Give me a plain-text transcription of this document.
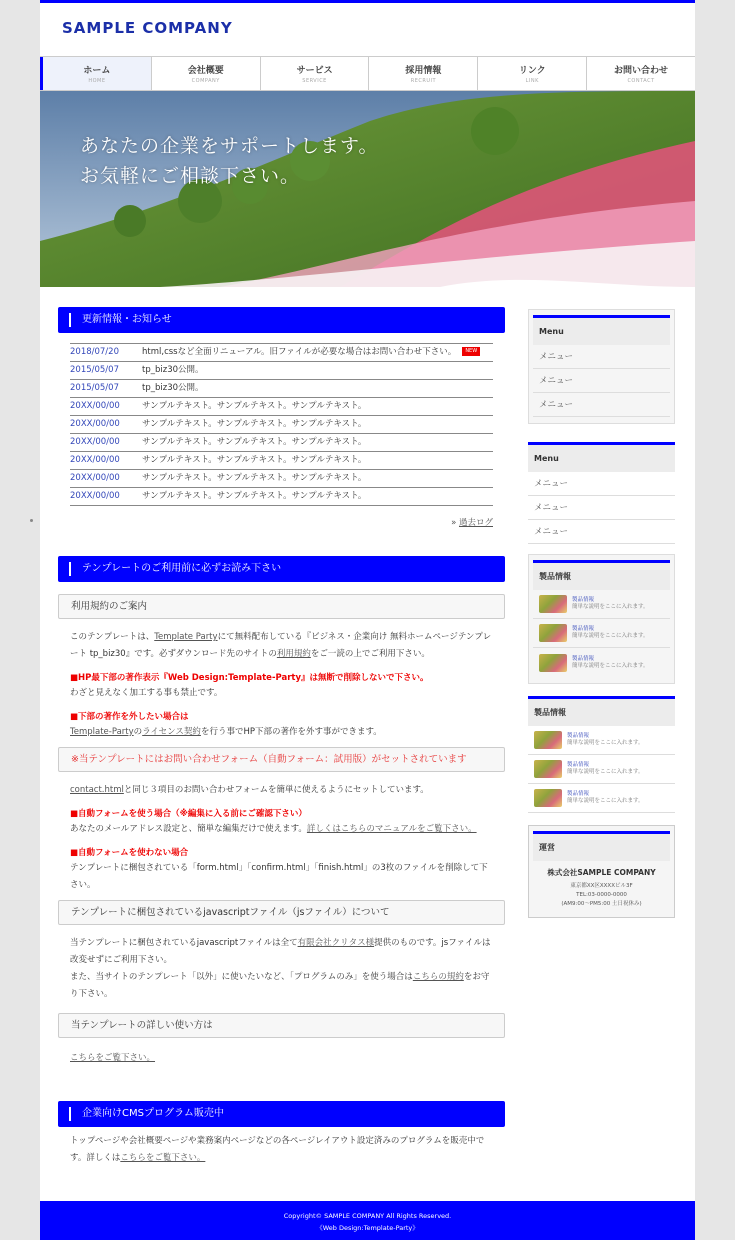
SAMPLE COMPANY
ホーム
HOME
会社概要
COMPANY
サービス
SERVICE
採用情報
RECRUIT
リンク
LINK
お問い合わせ
CONTACT
あなたの企業をサポートします。
お気軽にご相談下さい。
更新情報・お知らせ
2018/07/20	html,cssなど全面リニューアル。旧ファイルが必要な場合はお問い合わせ下さい。 NEW
2015/05/07	tp_biz30公開。
2015/05/07	tp_biz30公開。
20XX/00/00	サンプルテキスト。サンプルテキスト。サンプルテキスト。
20XX/00/00	サンプルテキスト。サンプルテキスト。サンプルテキスト。
20XX/00/00	サンプルテキスト。サンプルテキスト。サンプルテキスト。
20XX/00/00	サンプルテキスト。サンプルテキスト。サンプルテキスト。
20XX/00/00	サンプルテキスト。サンプルテキスト。サンプルテキスト。
20XX/00/00	サンプルテキスト。サンプルテキスト。サンプルテキスト。
» 過去ログ
テンプレートのご利用前に必ずお読み下さい
利用規約のご案内

このテンプレートは、Template Partyにて無料配布している『ビジネス・企業向け 無料ホームページテンプレート tp_biz30』です。必ずダウンロード先のサイトの利用規約をご一読の上でご利用下さい。

■HP最下部の著作表示『Web Design:Template-Party』は無断で削除しないで下さい。

わざと見えなく加工する事も禁止です。

■下部の著作を外したい場合は

Template-Partyのライセンス契約を行う事でHP下部の著作を外す事ができます。

※当テンプレートにはお問い合わせフォーム（自動フォーム：試用版）がセットされています

contact.htmlと同じ３項目のお問い合わせフォームを簡単に使えるようにセットしています。

■自動フォームを使う場合（※編集に入る前にご確認下さい）

あなたのメールアドレス設定と、簡単な編集だけで使えます。詳しくはこちらのマニュアルをご覧下さい。

■自動フォームを使わない場合

テンプレートに梱包されている「form.html」「confirm.html」「finish.html」の3枚のファイルを削除して下さい。

テンプレートに梱包されているjavascriptファイル（jsファイル）について

当テンプレートに梱包されているjavascriptファイルは全て有限会社クリタス様提供のものです。jsファイルは改変せずにご利用下さい。

また、当サイトのテンプレート「以外」に使いたいなど、「プログラムのみ」を使う場合はこちらの規約をお守り下さい。

当テンプレートの詳しい使い方は

こちらをご覧下さい。

企業向けCMSプログラム販売中

トップページや会社概要ページや業務案内ページなどの各ページレイアウト設定済みのプログラムを販売中です。詳しくはこちらをご覧下さい。

Menu
メニュー
メニュー
メニュー
Menu
メニュー
メニュー
メニュー
製品情報
製品情報
簡単な説明をここに入れます。
製品情報
簡単な説明をここに入れます。
製品情報
簡単な説明をここに入れます。
製品情報
製品情報
簡単な説明をここに入れます。
製品情報
簡単な説明をここに入れます。
製品情報
簡単な説明をここに入れます。
運営
株式会社SAMPLE COMPANY
東京都XX区XXXXビル3F
TEL:03-0000-0000
(AM9:00〜PM5:00 土日祝休み)
Copyright© SAMPLE COMPANY All Rights Reserved.
《Web Design:Template-Party》
